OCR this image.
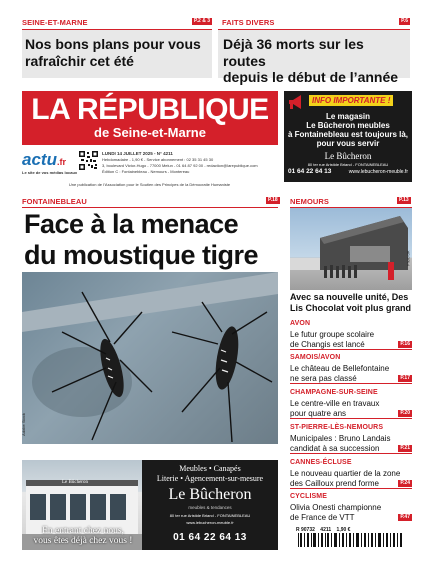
SEINE-ET-MARNE	P.2 & 3
Nos bons plans pour vous
rafraîchir cet été
FAITS DIVERS	P.6
Déjà 36 morts sur les routes
depuis le début de l’année
LA RÉPUBLIQUE
de Seine-et-Marne
actu.fr
Le site de vos médias locaux
LUNDI 14 JUILLET 2025 - N° 4211
Hebdomadaire - 1,90 € - Service abonnement : 02 35 31 45 30
3, boulevard Victor-Hugo - 77000 Melun - 01 64 87 92 00 - redaction@larepublique.com
Édition C : Fontainebleau - Nemours - Montereau
Une publication de l’Association pour le Soutien des Principes de la Démocratie Humaniste
INFO IMPORTANTE !
Le magasin
Le Bûcheron meubles
à Fontainebleau est toujours là,
pour vous servir
Le Bûcheron
80 ter rue Aristide Briand - FONTAINEBLEAU
01 64 22 64 13	www.lebucheron-meuble.fr
FONTAINEBLEAU	P.18
Face à la menace
du moustique tigre
Adobe Stock
NEMOURS	P.13
Photo DR
Avec sa nouvelle unité, Des
Lis Chocolat voit plus grand
AVON
Le futur groupe scolaire
de Changis est lancé	P.16
SAMOIS/AVON
Le château de Bellefontaine
ne sera pas classé	P.17
CHAMPAGNE-SUR-SEINE
Le centre-ville en travaux
pour quatre ans	P.20
ST-PIERRE-LÈS-NEMOURS
Municipales : Bruno Landais
candidat à sa succession	P.21
CANNES-ÉCLUSE
Le nouveau quartier de la zone
des Cailloux prend forme	P.24
CYCLISME
Olivia Onesti championne
de France de VTT	P.47
R 90732 4211 1,90 €
Le Bûcheron
En entrant chez nous,
vous êtes déjà chez vous !
Meubles • Canapés
Literie • Agencement-sur-mesure
Le Bûcheron
meubles & tendances
80 ter rue Aristide Briand - FONTAINEBLEAU
www.lebucheron-meuble.fr
01 64 22 64 13
